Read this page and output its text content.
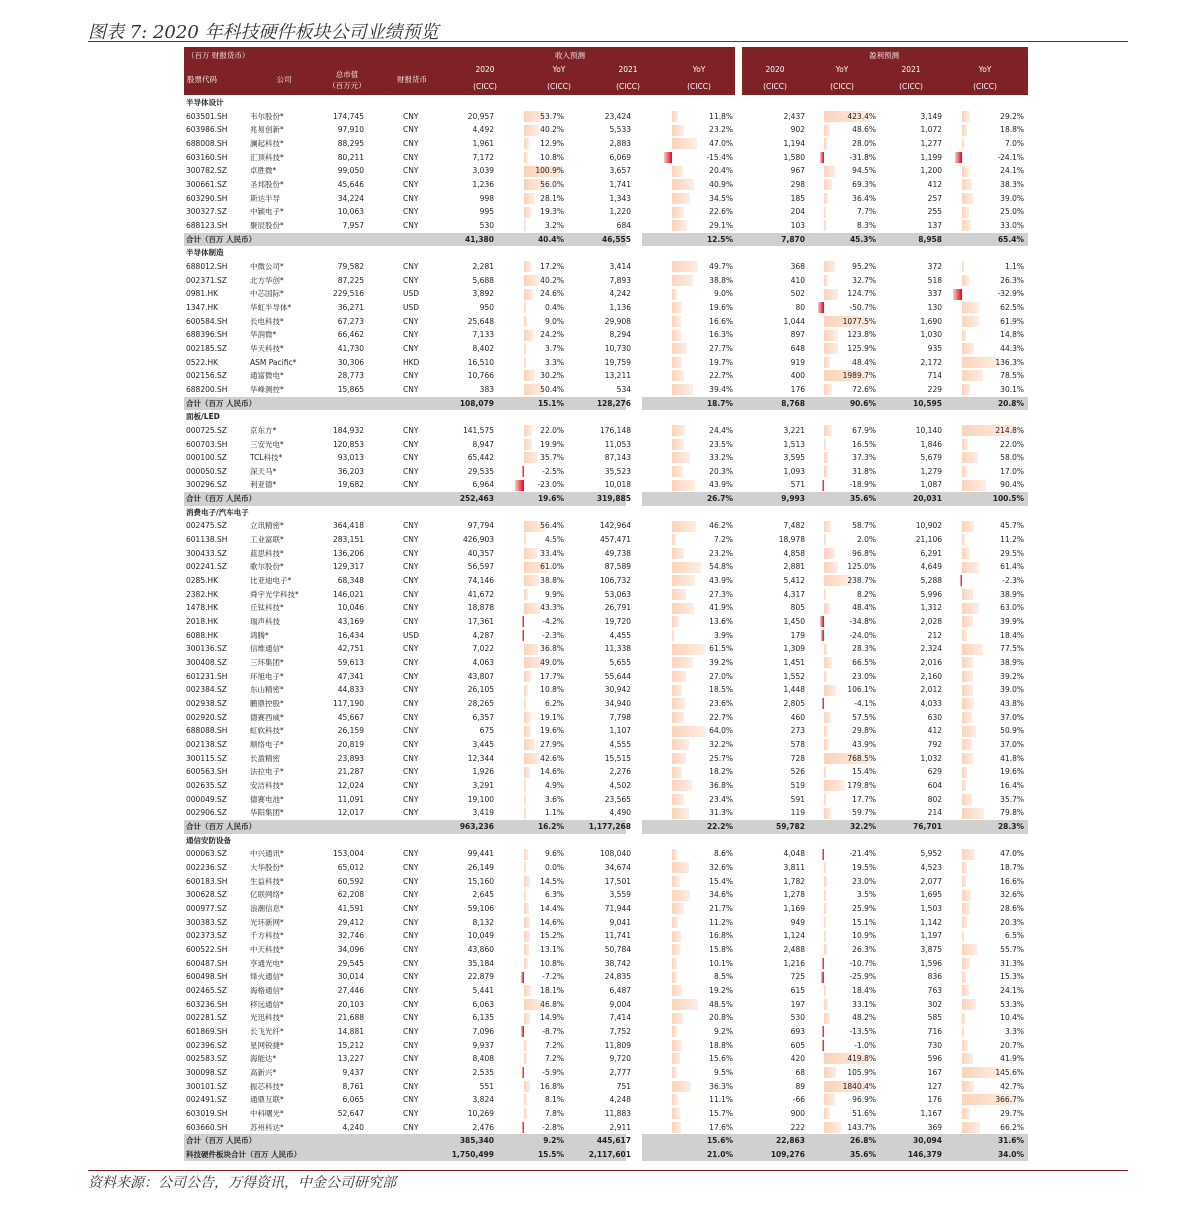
图表 7: 2020 年科技硬件板块公司业绩预览
（百万 财报货币）
股票代码	公司
总市值
（百万元）
财报货币
收入预测
2020	YoY	2021	YoY
(CICC)	(CICC)	(CICC)	(CICC)
盈利预测
2020	YoY	2021	YoY
(CICC)	(CICC)	(CICC)	(CICC)
半导体设计
603501.SH	韦尔股份*	174,745	CNY	20,957	53.7%	23,424	11.8%	2,437	423.4%	3,149	29.2%
603986.SH	兆易创新*	97,910	CNY	4,492	40.2%	5,533	23.2%	902	48.6%	1,072	18.8%
688008.SH	澜起科技*	88,295	CNY	1,961	12.9%	2,883	47.0%	1,194	28.0%	1,277	7.0%
603160.SH	汇顶科技*	80,211	CNY	7,172	10.8%	6,069	-15.4%	1,580	-31.8%	1,199	-24.1%
300782.SZ	卓胜微*	99,050	CNY	3,039	100.9%	3,657	20.4%	967	94.5%	1,200	24.1%
300661.SZ	圣邦股份*	45,646	CNY	1,236	56.0%	1,741	40.9%	298	69.3%	412	38.3%
603290.SH	斯达半导	34,224	CNY	998	28.1%	1,343	34.5%	185	36.4%	257	39.0%
300327.SZ	中颖电子*	10,063	CNY	995	19.3%	1,220	22.6%	204	7.7%	255	25.0%
688123.SH	聚辰股份*	7,957	CNY	530	3.2%	684	29.1%	103	8.3%	137	33.0%
合计（百万 人民币）	41,380	40.4%	46,555	12.5%	7,870	45.3%	8,958	65.4%
半导体制造
688012.SH	中微公司*	79,582	CNY	2,281	17.2%	3,414	49.7%	368	95.2%	372	1.1%
002371.SZ	北方华创*	87,225	CNY	5,688	40.2%	7,893	38.8%	410	32.7%	518	26.3%
0981.HK	中芯国际*	229,516	USD	3,892	24.6%	4,242	9.0%	502	124.7%	337	-32.9%
1347.HK	华虹半导体*	36,271	USD	950	0.4%	1,136	19.6%	80	-50.7%	130	62.5%
600584.SH	长电科技*	67,273	CNY	25,648	9.0%	29,908	16.6%	1,044	1077.5%	1,690	61.9%
688396.SH	华润微*	66,462	CNY	7,133	24.2%	8,294	16.3%	897	123.8%	1,030	14.8%
002185.SZ	华天科技*	41,730	CNY	8,402	3.7%	10,730	27.7%	648	125.9%	935	44.3%
0522.HK	ASM Pacific*	30,306	HKD	16,510	3.3%	19,759	19.7%	919	48.4%	2,172	136.3%
002156.SZ	通富微电*	28,773	CNY	10,766	30.2%	13,211	22.7%	400	1989.7%	714	78.5%
688200.SH	华峰测控*	15,865	CNY	383	50.4%	534	39.4%	176	72.6%	229	30.1%
合计（百万 人民币）	108,079	15.1%	128,276	18.7%	8,768	90.6%	10,595	20.8%
面板/LED
000725.SZ	京东方*	184,932	CNY	141,575	22.0%	176,148	24.4%	3,221	67.9%	10,140	214.8%
600703.SH	三安光电*	120,853	CNY	8,947	19.9%	11,053	23.5%	1,513	16.5%	1,846	22.0%
000100.SZ	TCL科技*	93,013	CNY	65,442	35.7%	87,143	33.2%	3,595	37.3%	5,679	58.0%
000050.SZ	深天马*	36,203	CNY	29,535	-2.5%	35,523	20.3%	1,093	31.8%	1,279	17.0%
300296.SZ	利亚德*	19,682	CNY	6,964	-23.0%	10,018	43.9%	571	-18.9%	1,087	90.4%
合计（百万 人民币）	252,463	19.6%	319,885	26.7%	9,993	35.6%	20,031	100.5%
消费电子/汽车电子
002475.SZ	立讯精密*	364,418	CNY	97,794	56.4%	142,964	46.2%	7,482	58.7%	10,902	45.7%
601138.SH	工业富联*	283,151	CNY	426,903	4.5%	457,471	7.2%	18,978	2.0%	21,106	11.2%
300433.SZ	蓝思科技*	136,206	CNY	40,357	33.4%	49,738	23.2%	4,858	96.8%	6,291	29.5%
002241.SZ	歌尔股份*	129,317	CNY	56,597	61.0%	87,589	54.8%	2,881	125.0%	4,649	61.4%
0285.HK	比亚迪电子*	68,348	CNY	74,146	38.8%	106,732	43.9%	5,412	238.7%	5,288	-2.3%
2382.HK	舜宇光学科技*	146,021	CNY	41,672	9.9%	53,063	27.3%	4,317	8.2%	5,996	38.9%
1478.HK	丘钛科技*	10,046	CNY	18,878	43.3%	26,791	41.9%	805	48.4%	1,312	63.0%
2018.HK	瑞声科技	43,169	CNY	17,361	-4.2%	19,720	13.6%	1,450	-34.8%	2,028	39.9%
6088.HK	鸿腾*	16,434	USD	4,287	-2.3%	4,455	3.9%	179	-24.0%	212	18.4%
300136.SZ	信维通信*	42,751	CNY	7,022	36.8%	11,338	61.5%	1,309	28.3%	2,324	77.5%
300408.SZ	三环集团*	59,613	CNY	4,063	49.0%	5,655	39.2%	1,451	66.5%	2,016	38.9%
601231.SH	环旭电子*	47,341	CNY	43,807	17.7%	55,644	27.0%	1,552	23.0%	2,160	39.2%
002384.SZ	东山精密*	44,833	CNY	26,105	10.8%	30,942	18.5%	1,448	106.1%	2,012	39.0%
002938.SZ	鹏鼎控股*	117,190	CNY	28,265	6.2%	34,940	23.6%	2,805	-4.1%	4,033	43.8%
002920.SZ	德赛西威*	45,667	CNY	6,357	19.1%	7,798	22.7%	460	57.5%	630	37.0%
688088.SH	虹软科技*	26,159	CNY	675	19.6%	1,107	64.0%	273	29.8%	412	50.9%
002138.SZ	顺络电子*	20,819	CNY	3,445	27.9%	4,555	32.2%	578	43.9%	792	37.0%
300115.SZ	长盈精密	23,893	CNY	12,344	42.6%	15,515	25.7%	728	768.5%	1,032	41.8%
600563.SH	法拉电子*	21,287	CNY	1,926	14.6%	2,276	18.2%	526	15.4%	629	19.6%
002635.SZ	安洁科技*	12,024	CNY	3,291	4.9%	4,502	36.8%	519	179.8%	604	16.4%
000049.SZ	德赛电池*	11,091	CNY	19,100	3.6%	23,565	23.4%	591	17.7%	802	35.7%
002906.SZ	华阳集团*	12,017	CNY	3,419	1.1%	4,490	31.3%	119	59.7%	214	79.8%
合计（百万 人民币）	963,236	16.2%	1,177,268	22.2%	59,782	32.2%	76,701	28.3%
通信安防设备
000063.SZ	中兴通讯*	153,004	CNY	99,441	9.6%	108,040	8.6%	4,048	-21.4%	5,952	47.0%
002236.SZ	大华股份*	65,012	CNY	26,149	0.0%	34,674	32.6%	3,811	19.5%	4,523	18.7%
600183.SH	生益科技*	60,592	CNY	15,160	14.5%	17,501	15.4%	1,782	23.0%	2,077	16.6%
300628.SZ	亿联网络*	62,208	CNY	2,645	6.3%	3,559	34.6%	1,278	3.5%	1,695	32.6%
000977.SZ	浪潮信息*	41,591	CNY	59,106	14.4%	71,944	21.7%	1,169	25.9%	1,503	28.6%
300383.SZ	光环新网*	29,412	CNY	8,132	14.6%	9,041	11.2%	949	15.1%	1,142	20.3%
002373.SZ	千方科技*	32,746	CNY	10,049	15.2%	11,741	16.8%	1,124	10.9%	1,197	6.5%
600522.SH	中天科技*	34,096	CNY	43,860	13.1%	50,784	15.8%	2,488	26.3%	3,875	55.7%
600487.SH	亨通光电*	29,545	CNY	35,184	10.8%	38,742	10.1%	1,216	-10.7%	1,596	31.3%
600498.SH	烽火通信*	30,014	CNY	22,879	-7.2%	24,835	8.5%	725	-25.9%	836	15.3%
002465.SZ	海格通信*	27,446	CNY	5,441	18.1%	6,487	19.2%	615	18.4%	763	24.1%
603236.SH	移远通信*	20,103	CNY	6,063	46.8%	9,004	48.5%	197	33.1%	302	53.3%
002281.SZ	光迅科技*	21,688	CNY	6,135	14.9%	7,414	20.8%	530	48.2%	585	10.4%
601869.SH	长飞光纤*	14,881	CNY	7,096	-8.7%	7,752	9.2%	693	-13.5%	716	3.3%
002396.SZ	星网锐捷*	15,212	CNY	9,937	7.2%	11,809	18.8%	605	-1.0%	730	20.7%
002583.SZ	海能达*	13,227	CNY	8,408	7.2%	9,720	15.6%	420	419.8%	596	41.9%
300098.SZ	高新兴*	9,437	CNY	2,535	-5.9%	2,777	9.5%	68	105.9%	167	145.6%
300101.SZ	振芯科技*	8,761	CNY	551	16.8%	751	36.3%	89	1840.4%	127	42.7%
002491.SZ	通鼎互联*	6,065	CNY	3,824	8.1%	4,248	11.1%	-66	96.9%	176	366.7%
603019.SH	中科曙光*	52,647	CNY	10,269	7.8%	11,883	15.7%	900	51.6%	1,167	29.7%
603660.SH	苏州科达*	4,240	CNY	2,476	-2.8%	2,911	17.6%	222	143.7%	369	66.2%
合计（百万 人民币）	385,340	9.2%	445,617	15.6%	22,863	26.8%	30,094	31.6%
科技硬件板块合计（百万 人民币）	1,750,499	15.5%	2,117,601	21.0%	109,276	35.6%	146,379	34.0%
资料来源：公司公告，万得资讯，中金公司研究部
